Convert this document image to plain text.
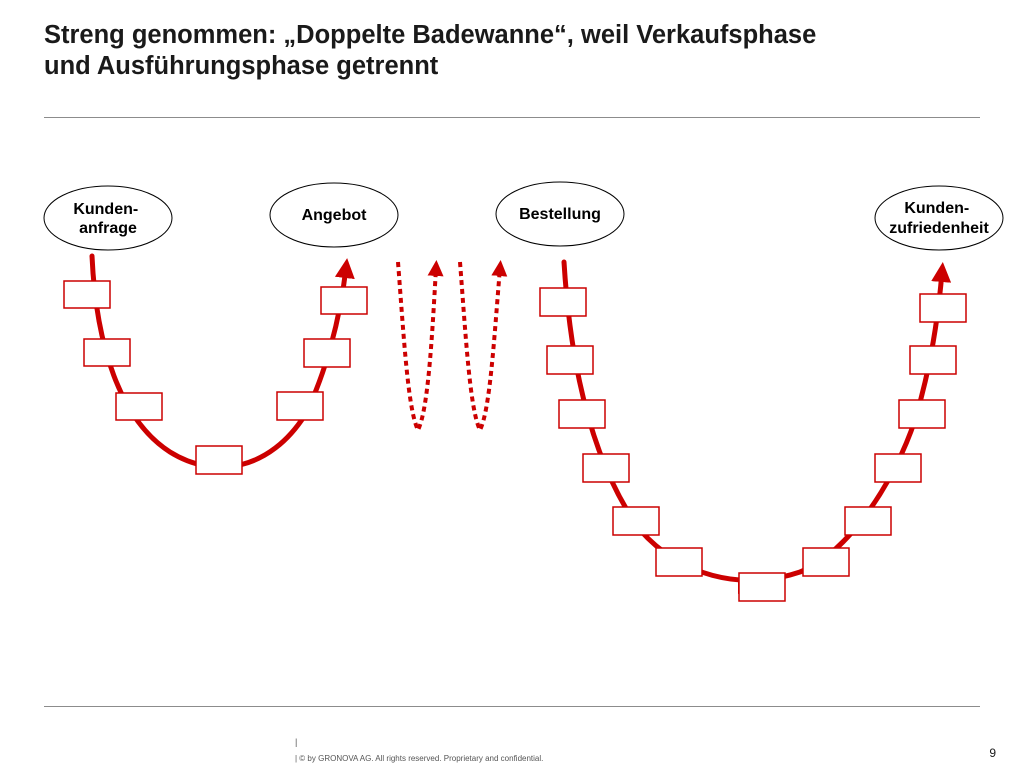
Streng genommen: „Doppelte Badewanne“, weil Verkaufsphase
und Ausführungsphase getrennt
Kunden- anfrage
Angebot	Bestellung	Kunden- zufriedenheit
|
| © by GRONOVA AG. All rights reserved. Proprietary and confidential.	9
